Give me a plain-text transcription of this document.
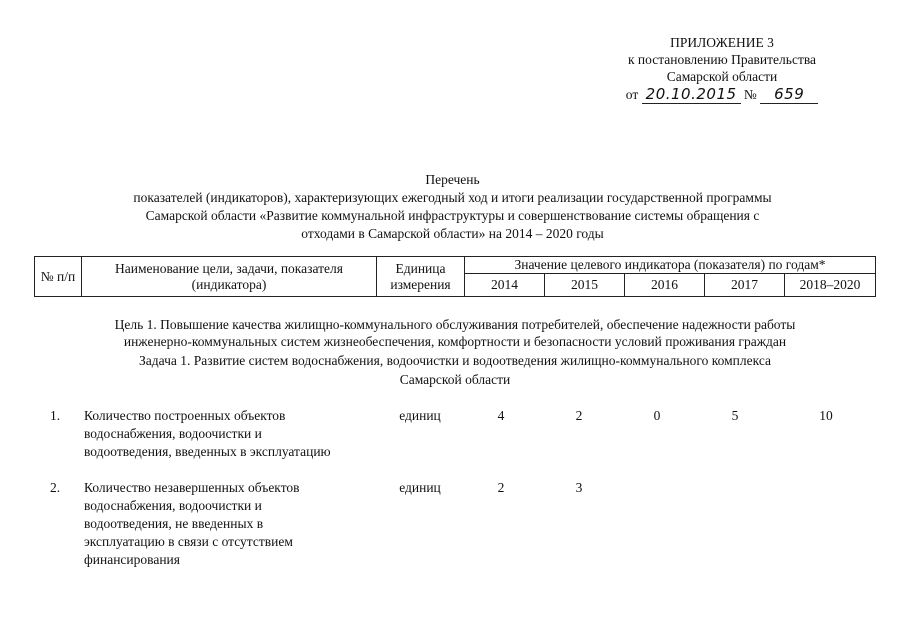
ПРИЛОЖЕНИЕ 3
к постановлению Правительства
Самарской области
от 20.10.2015 № 659
Перечень
показателей (индикаторов), характеризующих ежегодный ход и итоги реализации государственной программы
Самарской области «Развитие коммунальной инфраструктуры и совершенствование системы обращения с
отходами в Самарской области» на 2014 – 2020 годы
№ п/п	Наименование цели, задачи, показателя (индикатора)	Единица измерения	Значение целевого индикатора (показателя) по годам*				
			2014	2015	2016	2017	2018–2020
Цель 1. Повышение качества жилищно-коммунального обслуживания потребителей, обеспечение надежности работы
инженерно-коммунальных систем жизнеобеспечения, комфортности и безопасности условий проживания граждан
Задача 1. Развитие систем водоснабжения, водоочистки и водоотведения жилищно-коммунального комплекса
Самарской области
1.	Количество построенных объектов
водоснабжения, водоочистки и
водоотведения, введенных в эксплуатацию
единиц	4	2	0	5	10
2.	Количество незавершенных объектов
водоснабжения, водоочистки и
водоотведения, не введенных в
эксплуатацию в связи с отсутствием
финансирования
единиц	2	3
